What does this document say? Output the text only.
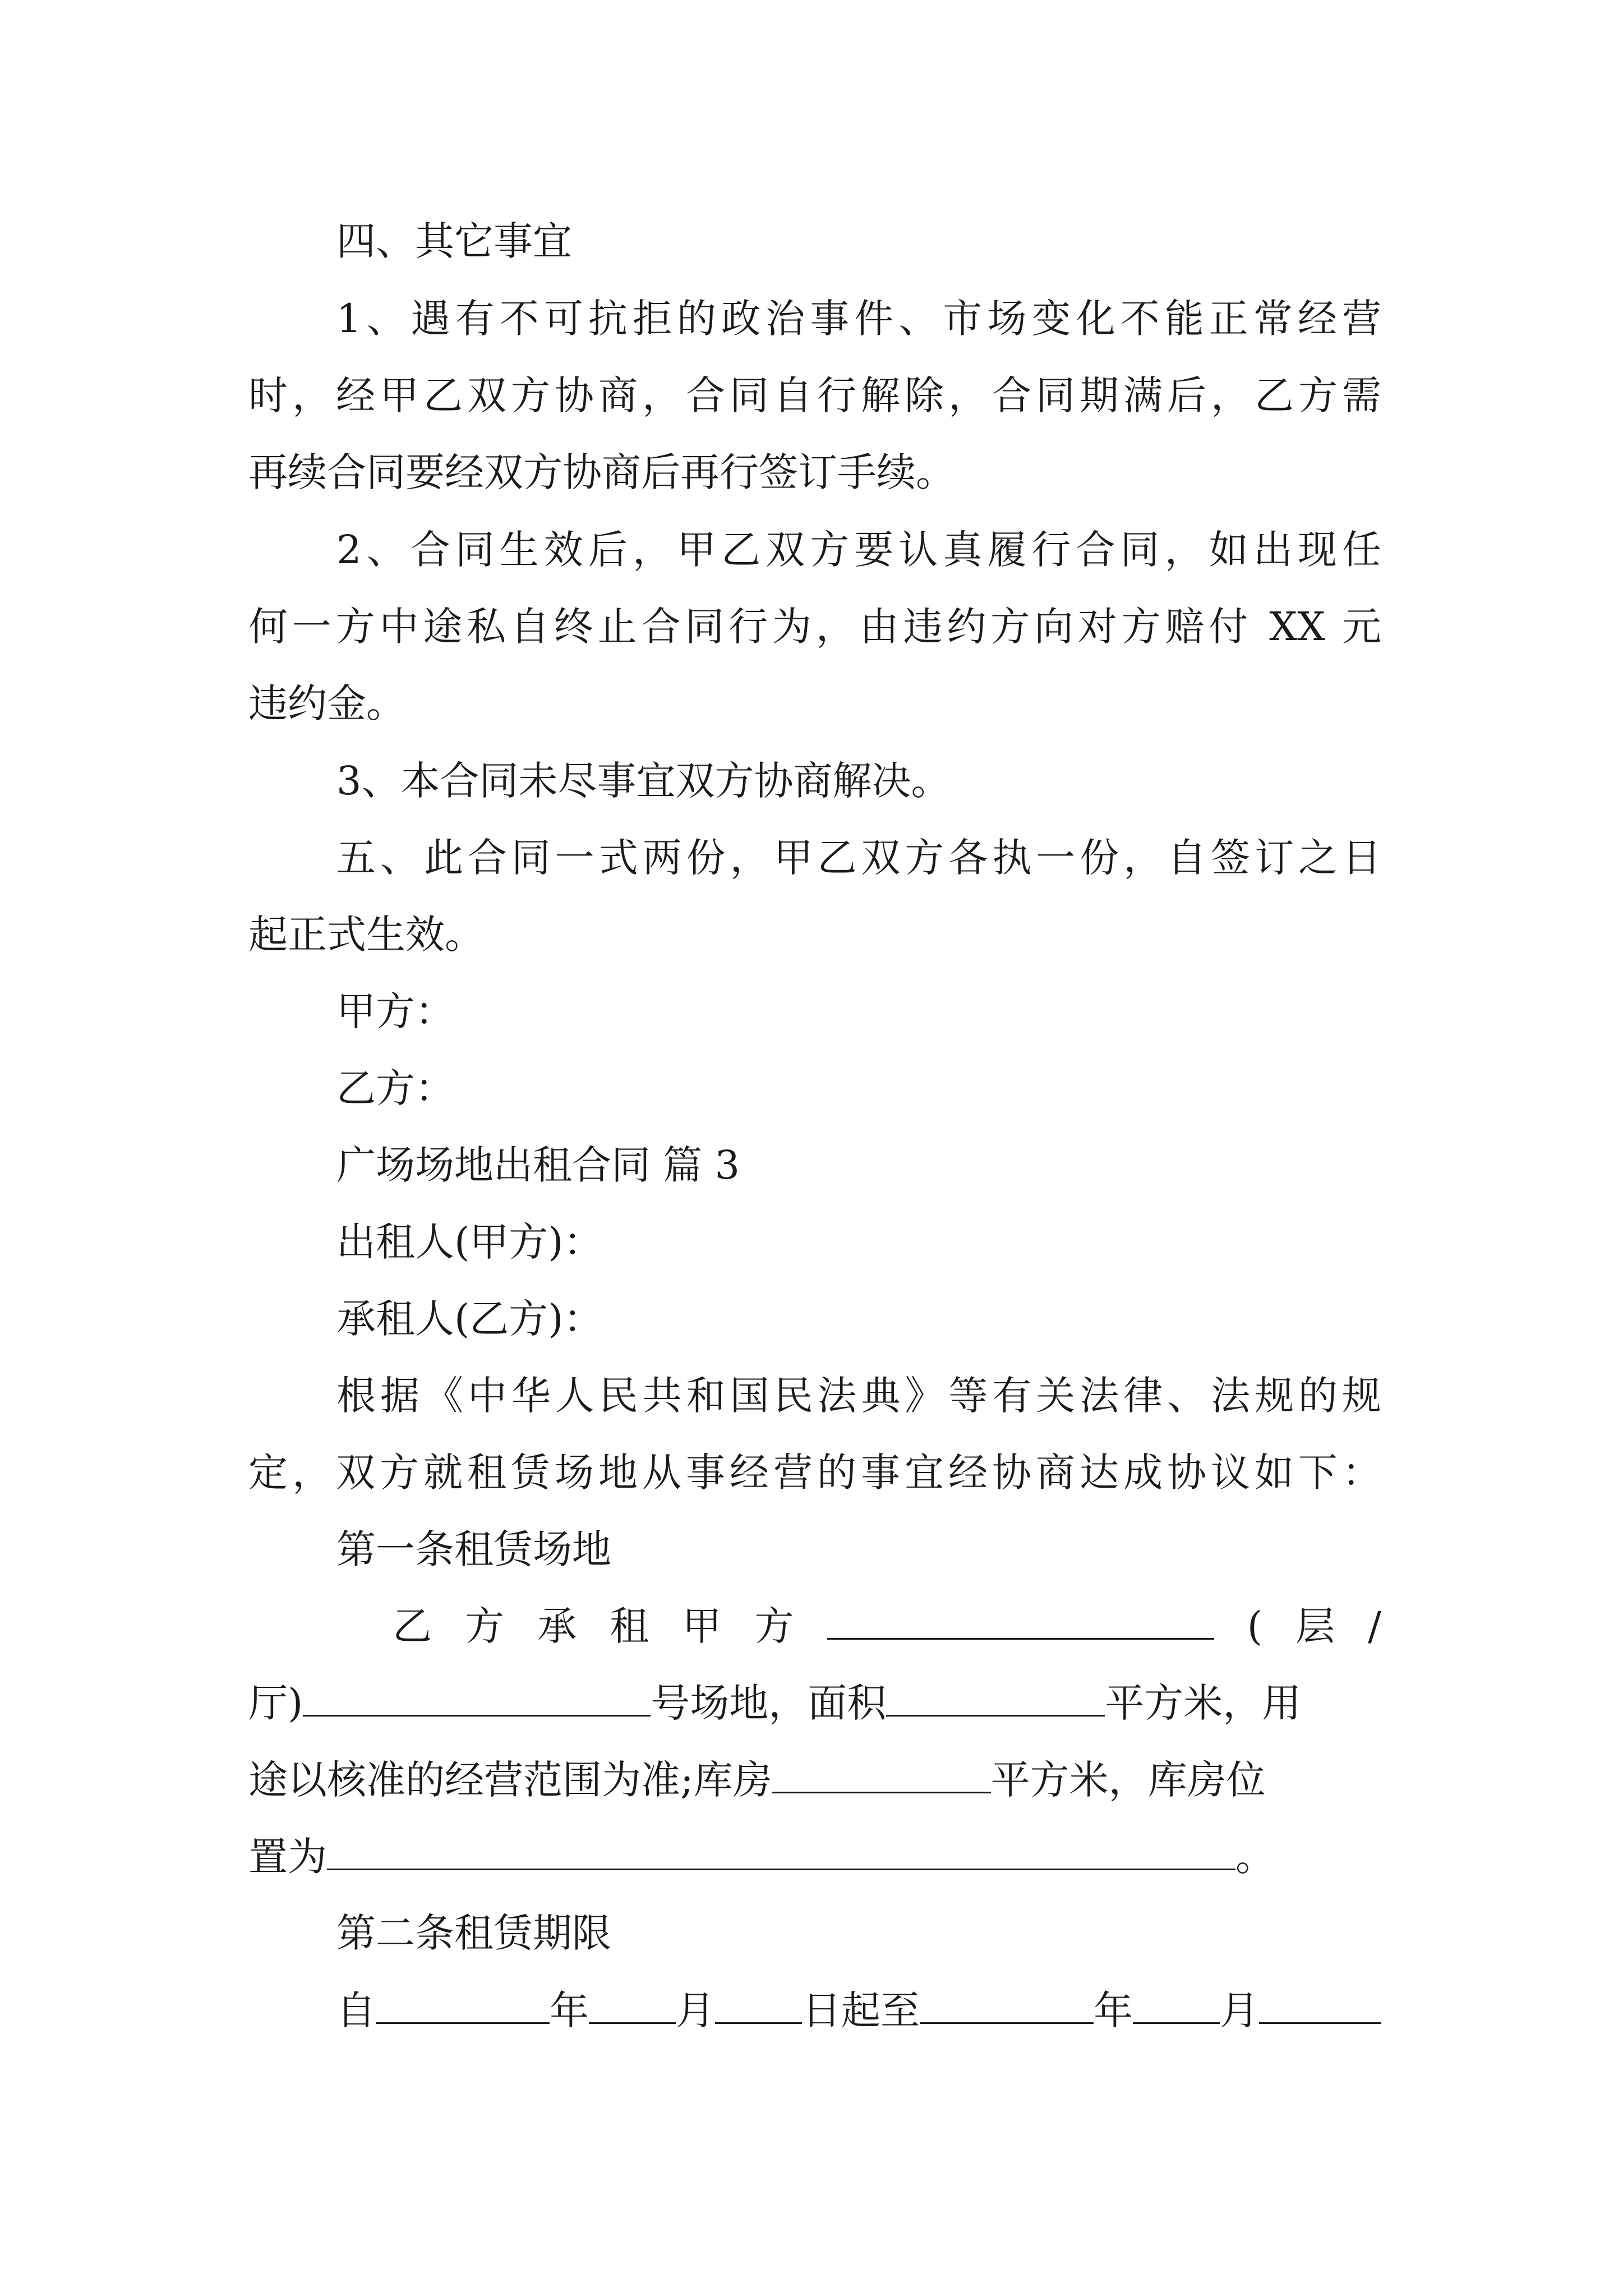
四、其它事宜
1、遇有不可抗拒的政治事件、市场变化不能正常经营
时，经甲乙双方协商，合同自行解除，合同期满后，乙方需
再续合同要经双方协商后再行签订手续。
2、合同生效后，甲乙双方要认真履行合同，如出现任
何一方中途私自终止合同行为，由违约方向对方赔付 XX 元
违约金。
3、本合同未尽事宜双方协商解决。
五、此合同一式两份，甲乙双方各执一份，自签订之日
起正式生效。
甲方：
乙方：
广场场地出租合同 篇 3
出租人(甲方)：
承租人(乙方)：
根据《中华人民共和国民法典》等有关法律、法规的规
定，双方就租赁场地从事经营的事宜经协商达成协议如下：
第一条租赁场地
乙 方 承 租 甲 方	( 层 /
厅)	号场地，面积	平方米，用
途以核准的经营范围为准;库房	平方米，库房位
置为	。
第二条租赁期限
自	年 月 日起至	年 月
